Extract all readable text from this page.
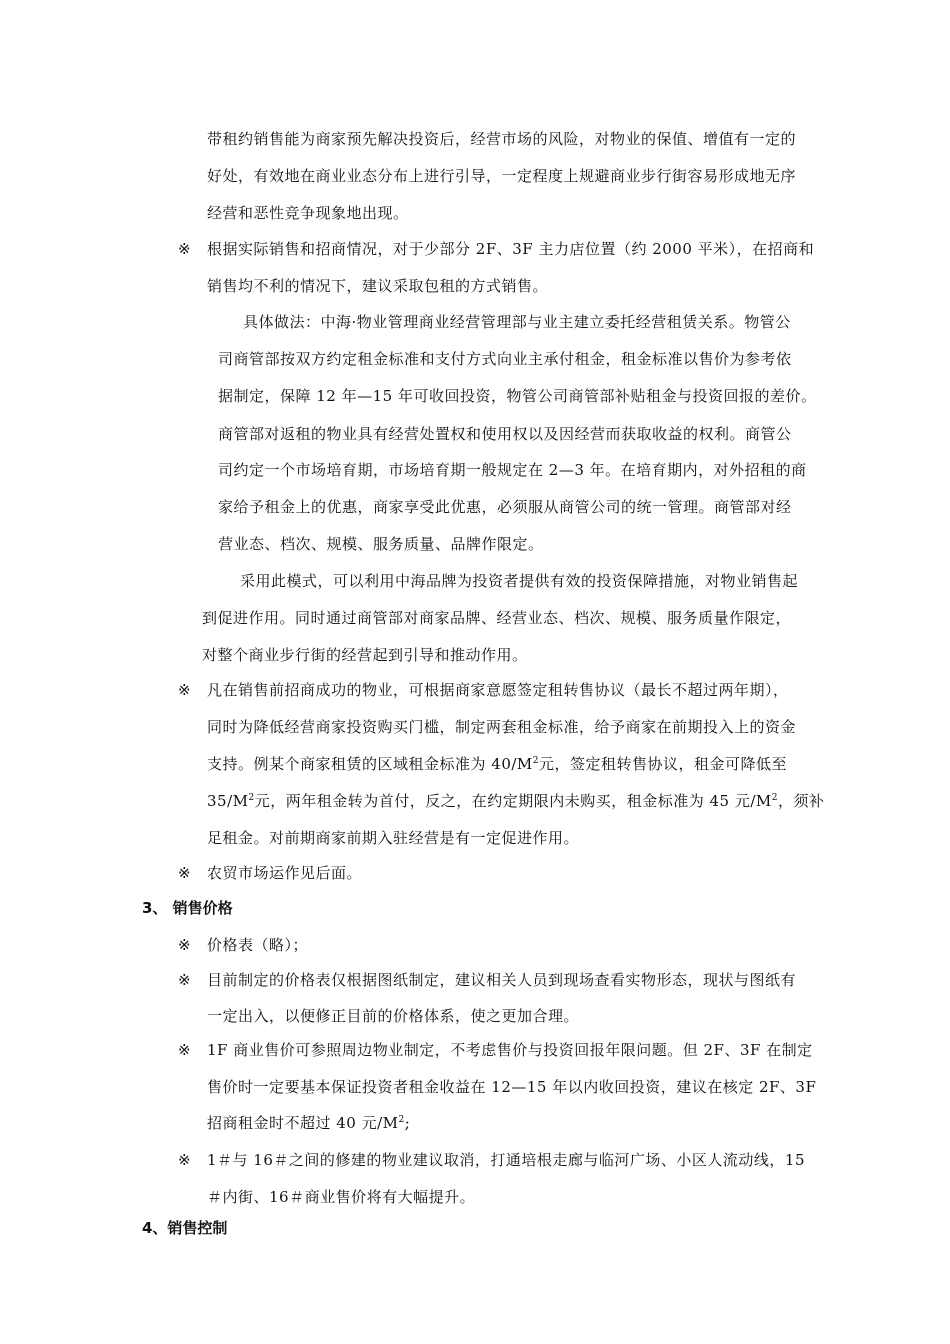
带租约销售能为商家预先解决投资后，经营市场的风险，对物业的保值、增值有一定的
好处，有效地在商业业态分布上进行引导，一定程度上规避商业步行街容易形成地无序
经营和恶性竞争现象地出现。
※ 根据实际销售和招商情况，对于少部分 2F、3F 主力店位置（约 2000 平米），在招商和
销售均不利的情况下，建议采取包租的方式销售。
具体做法：中海·物业管理商业经营管理部与业主建立委托经营租赁关系。物管公
司商管部按双方约定租金标准和支付方式向业主承付租金，租金标准以售价为参考依
据制定，保障 12 年—15 年可收回投资，物管公司商管部补贴租金与投资回报的差价。
商管部对返租的物业具有经营处置权和使用权以及因经营而获取收益的权利。商管公
司约定一个市场培育期，市场培育期一般规定在 2—3 年。在培育期内，对外招租的商
家给予租金上的优惠，商家享受此优惠，必须服从商管公司的统一管理。商管部对经
营业态、档次、规模、服务质量、品牌作限定。
采用此模式，可以利用中海品牌为投资者提供有效的投资保障措施，对物业销售起
到促进作用。同时通过商管部对商家品牌、经营业态、档次、规模、服务质量作限定，
对整个商业步行街的经营起到引导和推动作用。
※ 凡在销售前招商成功的物业，可根据商家意愿签定租转售协议（最长不超过两年期），
同时为降低经营商家投资购买门槛，制定两套租金标准，给予商家在前期投入上的资金
支持。例某个商家租赁的区域租金标准为 $40/M^2$元，签定租转售协议，租金可降低至
$35/M^2$元，两年租金转为首付，反之，在约定期限内未购买，租金标准为 45 元$/M^2$，须补
足租金。对前期商家前期入驻经营是有一定促进作用。
※ 农贸市场运作见后面。
3、 销售价格
※ 价格表（略）；
※ 目前制定的价格表仅根据图纸制定，建议相关人员到现场查看实物形态，现状与图纸有
一定出入，以便修正目前的价格体系，使之更加合理。
※ 1F 商业售价可参照周边物业制定，不考虑售价与投资回报年限问题。但 2F、3F 在制定
售价时一定要基本保证投资者租金收益在 12—15 年以内收回投资，建议在核定 2F、3F
招商租金时不超过 40 元$/M^2$;
※ 1＃与 16＃之间的修建的物业建议取消，打通培根走廊与临河广场、小区人流动线，15
＃内街、16＃商业售价将有大幅提升。
4、销售控制
